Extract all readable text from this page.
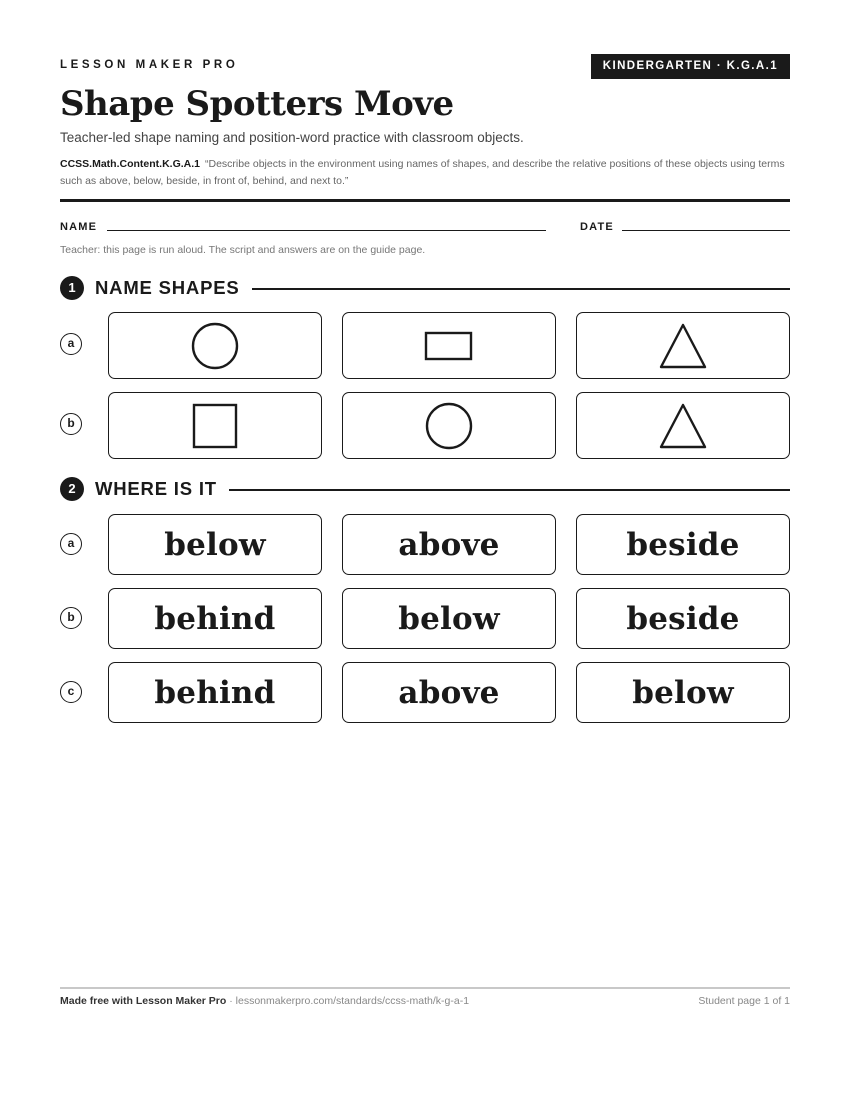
LESSON MAKER PRO	KINDERGARTEN · K.G.A.1
Shape Spotters Move
Teacher-led shape naming and position-word practice with classroom objects.
CCSS.Math.Content.K.G.A.1 “Describe objects in the environment using names of shapes, and describe the relative positions of these objects using terms such as above, below, beside, in front of, behind, and next to.”
NAME	DATE
Teacher: this page is run aloud. The script and answers are on the guide page.
1	NAME SHAPES
a
b
2	WHERE IS IT
a	below	above	beside
b	behind	below	beside
c	behind	above	below
Made free with Lesson Maker Pro · lessonmakerpro.com/standards/ccss-math/k-g-a-1	Student page 1 of 1
